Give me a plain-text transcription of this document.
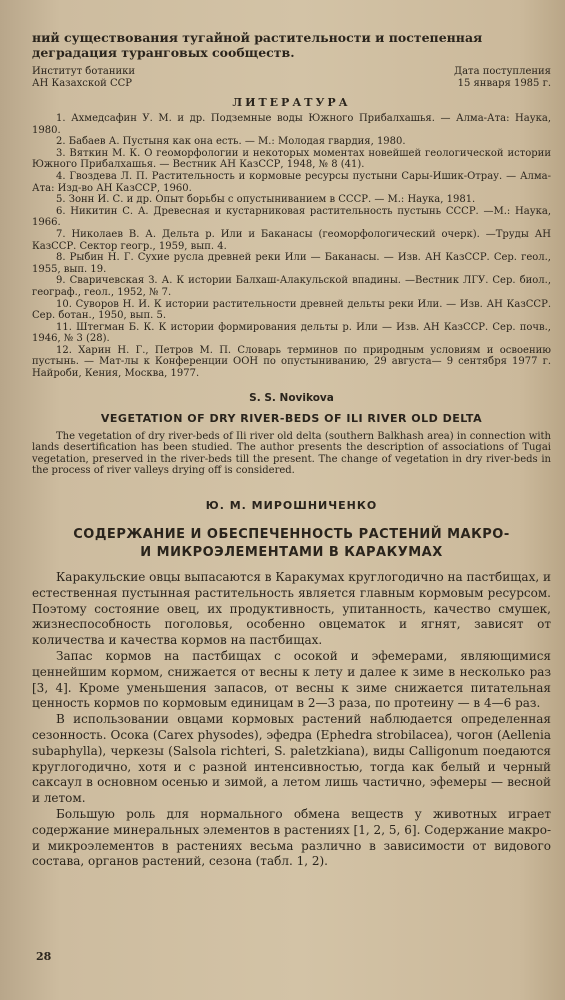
ний существования тугайной растительности и постепенная деградация туранговых сообществ.

Институт ботаники
АН Казахской ССР
Дата поступления
15 января 1985 г.
ЛИТЕРАТУРА

1. Ахмедсафин У. М. и др. Подземные воды Южного Прибалхашья. — Алма-Ата: Наука, 1980.

2. Бабаев А. Пустыня как она есть. — М.: Молодая гвардия, 1980.

3. Вяткин М. К. О геоморфологии и некоторых моментах новейшей геологической истории Южного Прибалхашья. — Вестник АН КазССР, 1948, № 8 (41).

4. Гвоздева Л. П. Растительность и кормовые ресурсы пустыни Сары-Ишик-Отрау. — Алма-Ата: Изд-во АН КазССР, 1960.

5. Зонн И. С. и др. Опыт борьбы с опустыниванием в СССР. — М.: Наука, 1981.

6. Никитин С. А. Древесная и кустарниковая растительность пустынь СССР. —М.: Наука, 1966.

7. Николаев В. А. Дельта р. Или и Баканасы (геоморфологический очерк). —Труды АН КазССР. Сектор геогр., 1959, вып. 4.

8. Рыбин Н. Г. Сухие русла древней реки Или — Баканасы. — Изв. АН КазССР. Сер. геол., 1955, вып. 19.

9. Сваричевская З. А. К истории Балхаш-Алакульской впадины. —Вестник ЛГУ. Сер. биол., географ., геол., 1952, № 7.

10. Суворов Н. И. К истории растительности древней дельты реки Или. — Изв. АН КазССР. Сер. ботан., 1950, вып. 5.

11. Штегман Б. К. К истории формирования дельты р. Или — Изв. АН КазССР. Сер. почв., 1946, № 3 (28).

12. Харин Н. Г., Петров М. П. Словарь терминов по природным условиям и освоению пустынь. — Мат-лы к Конференции ООН по опустыниванию, 29 августа— 9 сентября 1977 г. Найроби, Кения, Москва, 1977.

S. S. Novikova
VEGETATION OF DRY RIVER-BEDS OF ILI RIVER OLD DELTA

The vegetation of dry river-beds of Ili river old delta (southern Balkhash area) in connection with lands desertification has been studied. The author presents the description of associations of Tugai vegetation, preserved in the river-beds till the present. The change of vegetation in dry river-beds in the process of river valleys drying off is considered.

Ю. М. МИРОШНИЧЕНКО
СОДЕРЖАНИЕ И ОБЕСПЕЧЕННОСТЬ РАСТЕНИЙ МАКРО-
И МИКРОЭЛЕМЕНТАМИ В КАРАКУМАХ

Каракульские овцы выпасаются в Каракумах круглогодично на пастбищах, и естественная пустынная растительность является главным кормовым ресурсом. Поэтому состояние овец, их продуктивность, упитанность, качество смушек, жизнеспособность поголовья, особенно овцематок и ягнят, зависят от количества и качества кормов на пастбищах.

Запас кормов на пастбищах с осокой и эфемерами, являющимися ценнейшим кормом, снижается от весны к лету и далее к зиме в несколько раз [3, 4]. Кроме уменьшения запасов, от весны к зиме снижается питательная ценность кормов по кормовым единицам в 2—3 раза, по протеину — в 4—6 раз.

В использовании овцами кормовых растений наблюдается определенная сезонность. Осока (Carex physodes), эфедра (Ephedra strobilacea), чогон (Aellenia subaphylla), черкезы (Salsola richteri, S. paletzkiana), виды Calligonum поедаются круглогодично, хотя и с разной интенсивностью, тогда как белый и черный саксаул в основном осенью и зимой, а летом лишь частично, эфемеры — весной и летом.

Большую роль для нормального обмена веществ у животных играет содержание минеральных элементов в растениях [1, 2, 5, 6]. Содержание макро- и микроэлементов в растениях весьма различно в зависимости от видового состава, органов растений, сезона (табл. 1, 2).

28
